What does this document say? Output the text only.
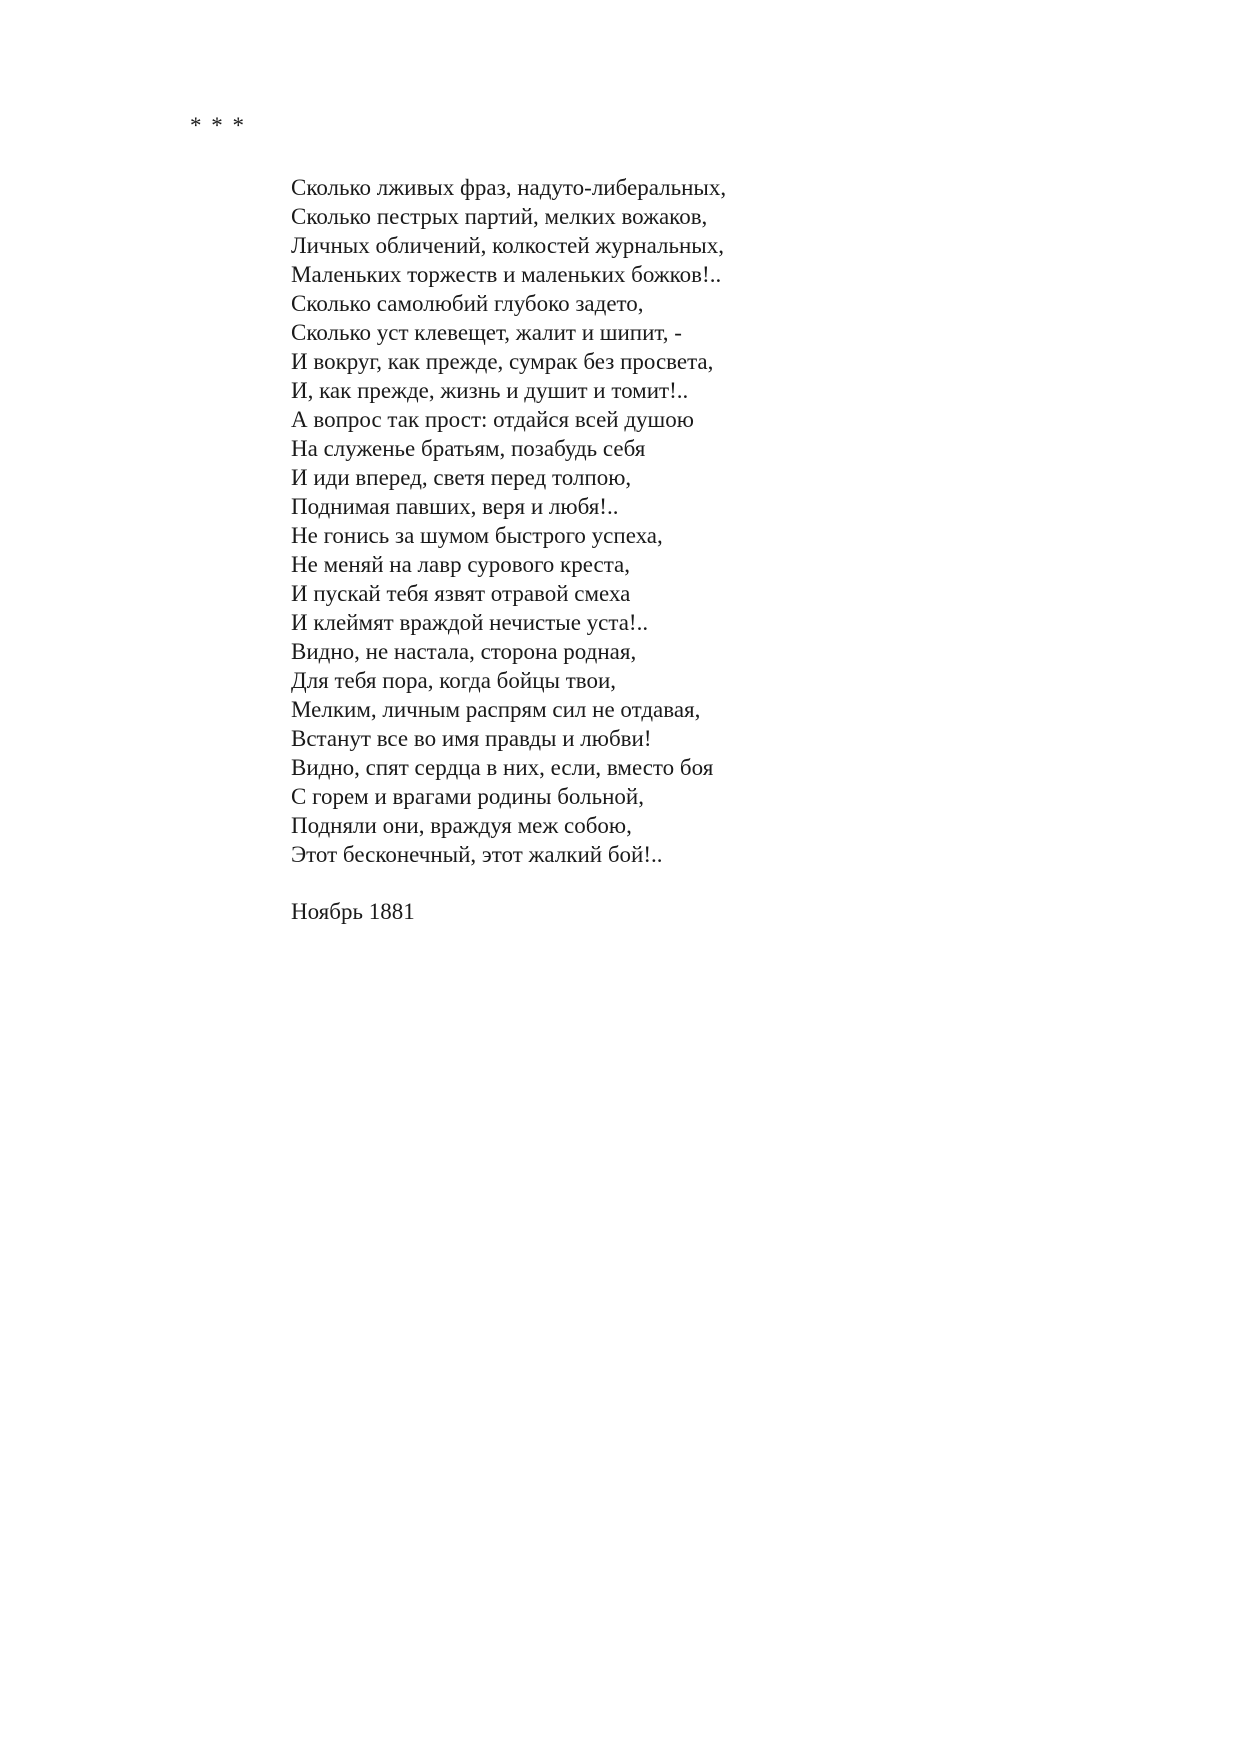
* * *
Сколько лживых фраз, надуто-либеральных,
Сколько пестрых партий, мелких вожаков,
Личных обличений, колкостей журнальных,
Маленьких торжеств и маленьких божков!..
Сколько самолюбий глубоко задето,
Сколько уст клевещет, жалит и шипит, -
И вокруг, как прежде, сумрак без просвета,
И, как прежде, жизнь и душит и томит!..
А вопрос так прост: отдайся всей душою
На служенье братьям, позабудь себя
И иди вперед, светя перед толпою,
Поднимая павших, веря и любя!..
Не гонись за шумом быстрого успеха,
Не меняй на лавр сурового креста,
И пускай тебя язвят отравой смеха
И клеймят враждой нечистые уста!..
Видно, не настала, сторона родная,
Для тебя пора, когда бойцы твои,
Мелким, личным распрям сил не отдавая,
Встанут все во имя правды и любви!
Видно, спят сердца в них, если, вместо боя
С горем и врагами родины больной,
Подняли они, враждуя меж собою,
Этот бесконечный, этот жалкий бой!..

Ноябрь 1881
